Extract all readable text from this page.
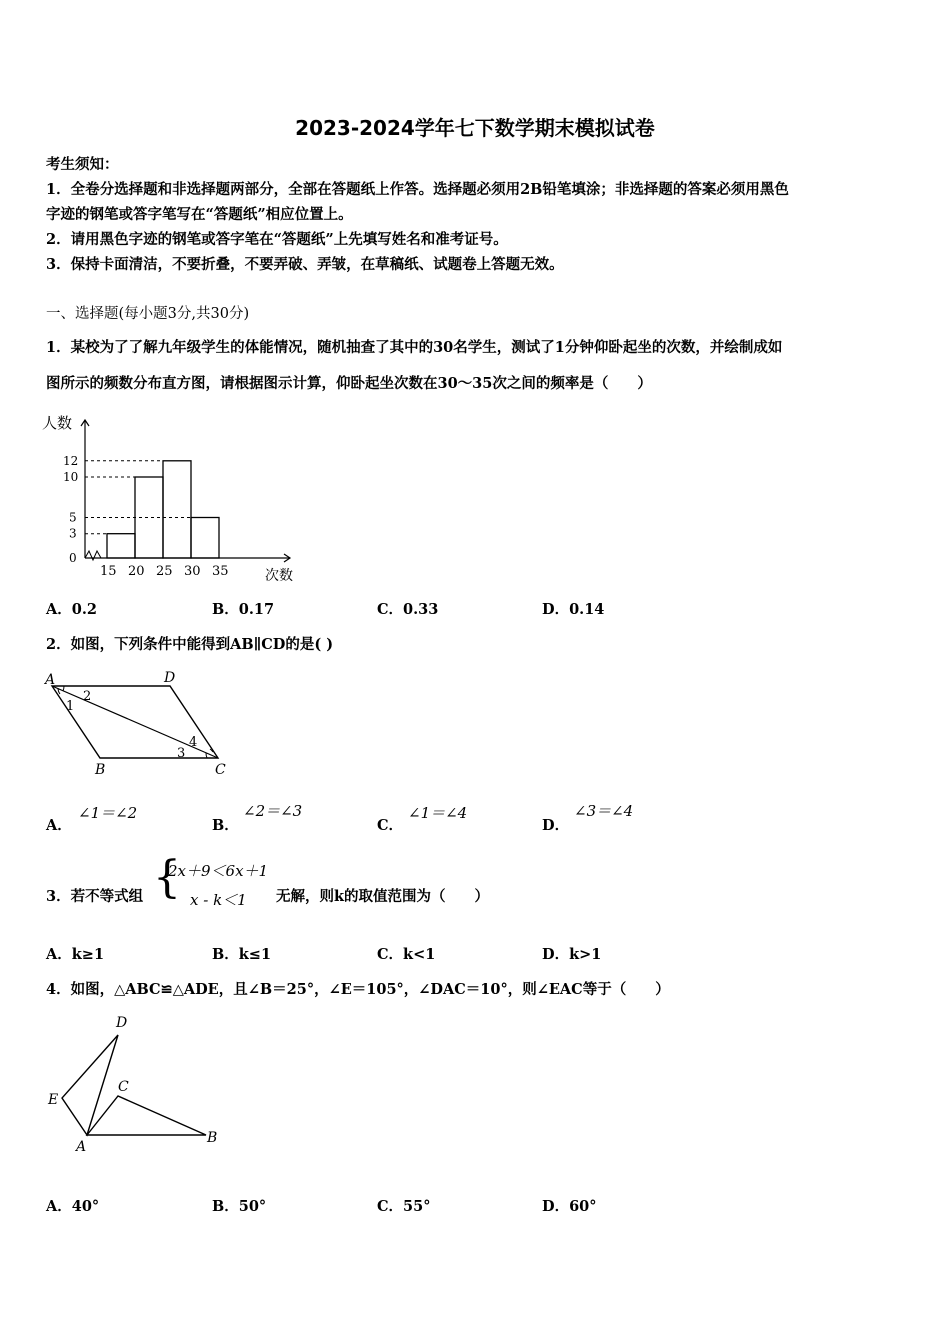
2023-2024学年七下数学期末模拟试卷
考生须知：
1．全卷分选择题和非选择题两部分，全部在答题纸上作答。选择题必须用2B铅笔填涂；非选择题的答案必须用黑色
字迹的钢笔或答字笔写在“答题纸”相应位置上。
2．请用黑色字迹的钢笔或答字笔在“答题纸”上先填写姓名和准考证号。
3．保持卡面清洁，不要折叠，不要弄破、弄皱，在草稿纸、试题卷上答题无效。
一、选择题(每小题3分,共30分)
1．某校为了了解九年级学生的体能情况，随机抽查了其中的30名学生，测试了1分钟仰卧起坐的次数，并绘制成如
图所示的频数分布直方图，请根据图示计算，仰卧起坐次数在30～35次之间的频率是（　　）
15 20 25 30 35
0
3
5
10
12
人数
次数
A．0.2	B．0.17	C．0.33	D．0.14
2．如图，下列条件中能得到AB∥CD的是( )
A	D
B	C
1
2
3
4
A．
∠1＝∠2
B．
∠2＝∠3
C．
∠1＝∠4
D．
∠3＝∠4
3．若不等式组 {
2x＋9＜6x＋1
x - k＜1 无解，则k的取值范围为（　　）
A．k≥1	B．k≤1	C．k<1	D．k>1
4．如图，△ABC≌△ADE，且∠B＝25°，∠E＝105°，∠DAC＝10°，则∠EAC等于（　　）
D
E
C
B
A
A．40°	B．50°	C．55°	D．60°
